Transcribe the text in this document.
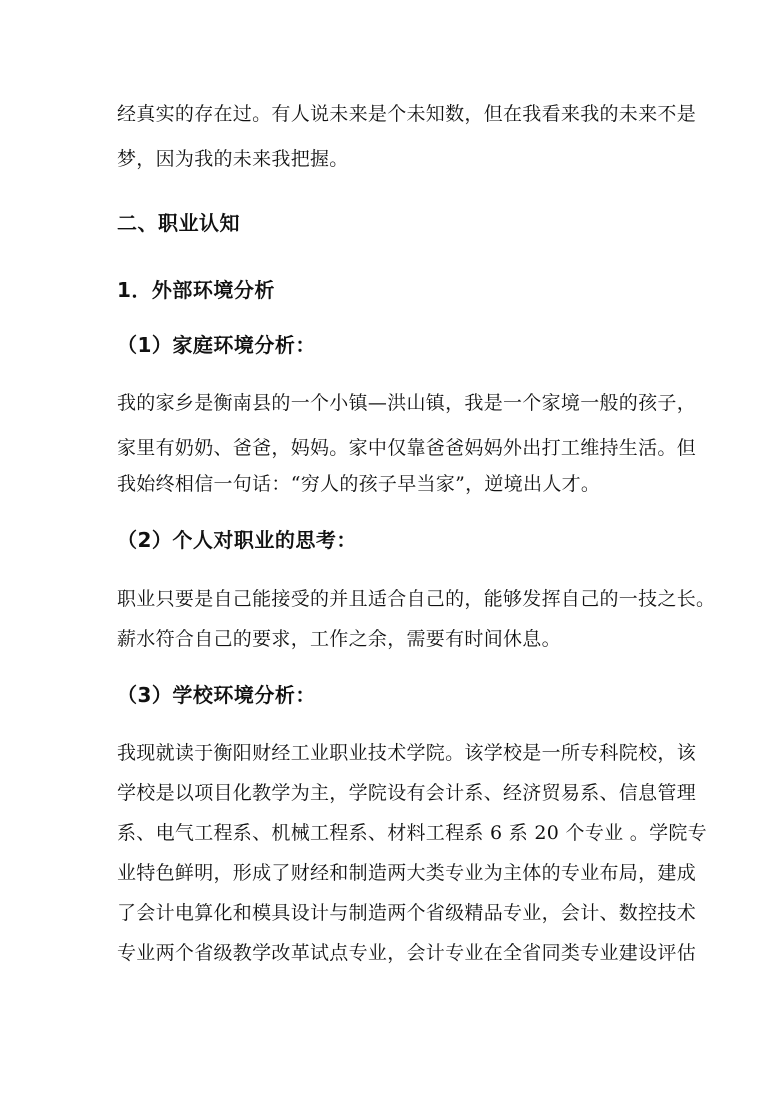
经真实的存在过。有人说未来是个未知数，但在我看来我的未来不是
梦，因为我的未来我把握。
二、职业认知
1．外部环境分析
（1）家庭环境分析：
我的家乡是衡南县的一个小镇—洪山镇，我是一个家境一般的孩子，
家里有奶奶、爸爸，妈妈。家中仅靠爸爸妈妈外出打工维持生活。但
我始终相信一句话：“穷人的孩子早当家”，逆境出人才。
（2）个人对职业的思考：
职业只要是自己能接受的并且适合自己的，能够发挥自己的一技之长。
薪水符合自己的要求，工作之余，需要有时间休息。
（3）学校环境分析：
我现就读于衡阳财经工业职业技术学院。该学校是一所专科院校，该
学校是以项目化教学为主，学院设有会计系、经济贸易系、信息管理
系、电气工程系、机械工程系、材料工程系 6 系 20 个专业 。学院专
业特色鲜明，形成了财经和制造两大类专业为主体的专业布局，建成
了会计电算化和模具设计与制造两个省级精品专业，会计、数控技术
专业两个省级教学改革试点专业，会计专业在全省同类专业建设评估
